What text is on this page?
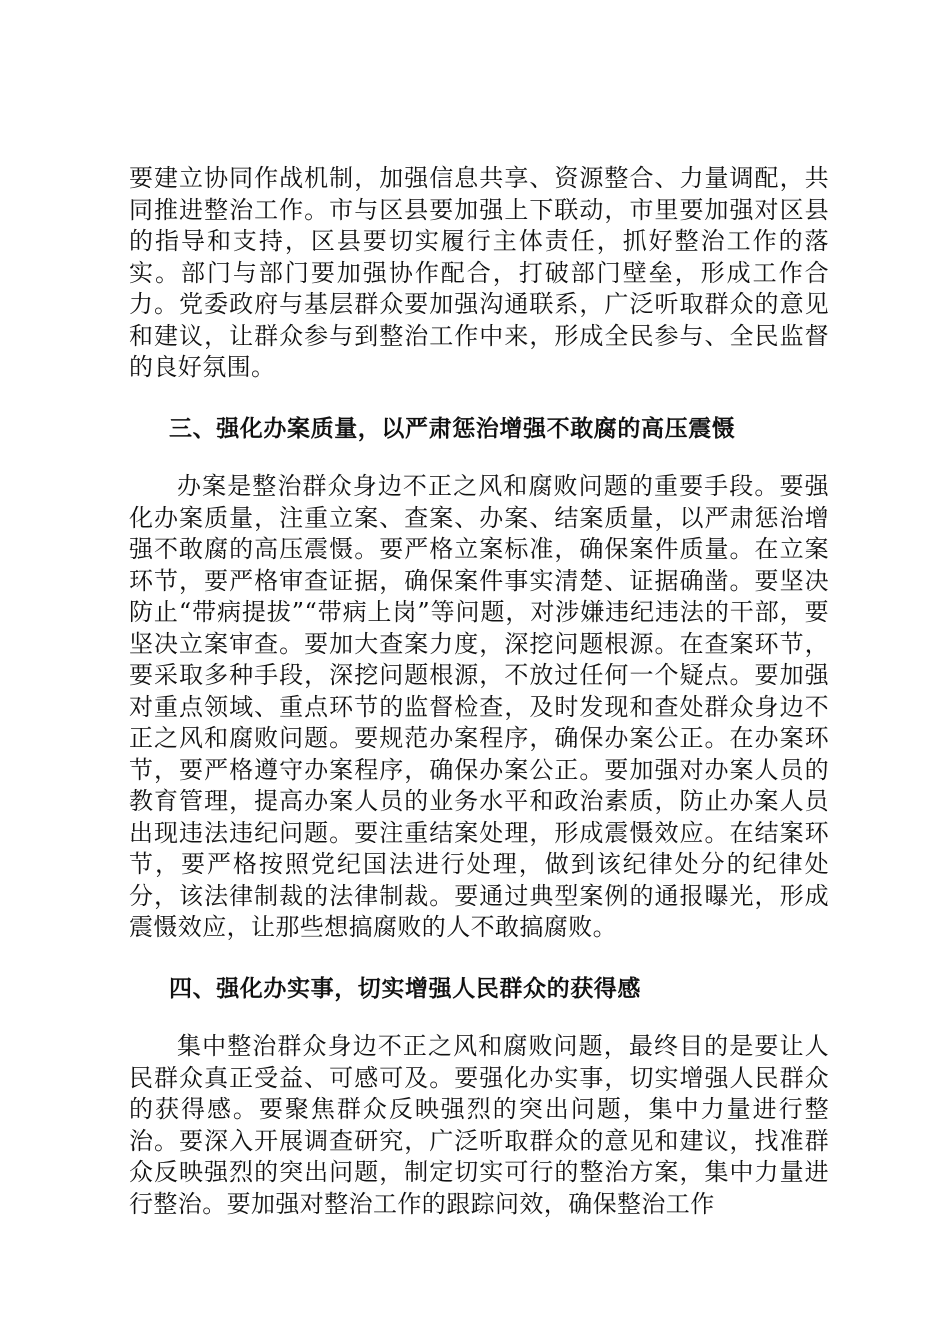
要建立协同作战机制，加强信息共享、资源整合、力量调配，共同推进整治工作。市与区县要加强上下联动，市里要加强对区县的指导和支持，区县要切实履行主体责任，抓好整治工作的落实。部门与部门要加强协作配合，打破部门壁垒，形成工作合力。党委政府与基层群众要加强沟通联系，广泛听取群众的意见和建议，让群众参与到整治工作中来，形成全民参与、全民监督的良好氛围。

三、强化办案质量，以严肃惩治增强不敢腐的高压震慑

办案是整治群众身边不正之风和腐败问题的重要手段。要强化办案质量，注重立案、查案、办案、结案质量，以严肃惩治增强不敢腐的高压震慑。要严格立案标准，确保案件质量。在立案环节，要严格审查证据，确保案件事实清楚、证据确凿。要坚决防止“带病提拔”“带病上岗”等问题，对涉嫌违纪违法的干部，要坚决立案审查。要加大查案力度，深挖问题根源。在查案环节，要采取多种手段，深挖问题根源，不放过任何一个疑点。要加强对重点领域、重点环节的监督检查，及时发现和查处群众身边不正之风和腐败问题。要规范办案程序，确保办案公正。在办案环节，要严格遵守办案程序，确保办案公正。要加强对办案人员的教育管理，提高办案人员的业务水平和政治素质，防止办案人员出现违法违纪问题。要注重结案处理，形成震慑效应。在结案环节，要严格按照党纪国法进行处理，做到该纪律处分的纪律处分，该法律制裁的法律制裁。要通过典型案例的通报曝光，形成震慑效应，让那些想搞腐败的人不敢搞腐败。

四、强化办实事，切实增强人民群众的获得感

集中整治群众身边不正之风和腐败问题，最终目的是要让人民群众真正受益、可感可及。要强化办实事，切实增强人民群众的获得感。要聚焦群众反映强烈的突出问题，集中力量进行整治。要深入开展调查研究，广泛听取群众的意见和建议，找准群众反映强烈的突出问题，制定切实可行的整治方案，集中力量进行整治。要加强对整治工作的跟踪问效，确保整治工作
